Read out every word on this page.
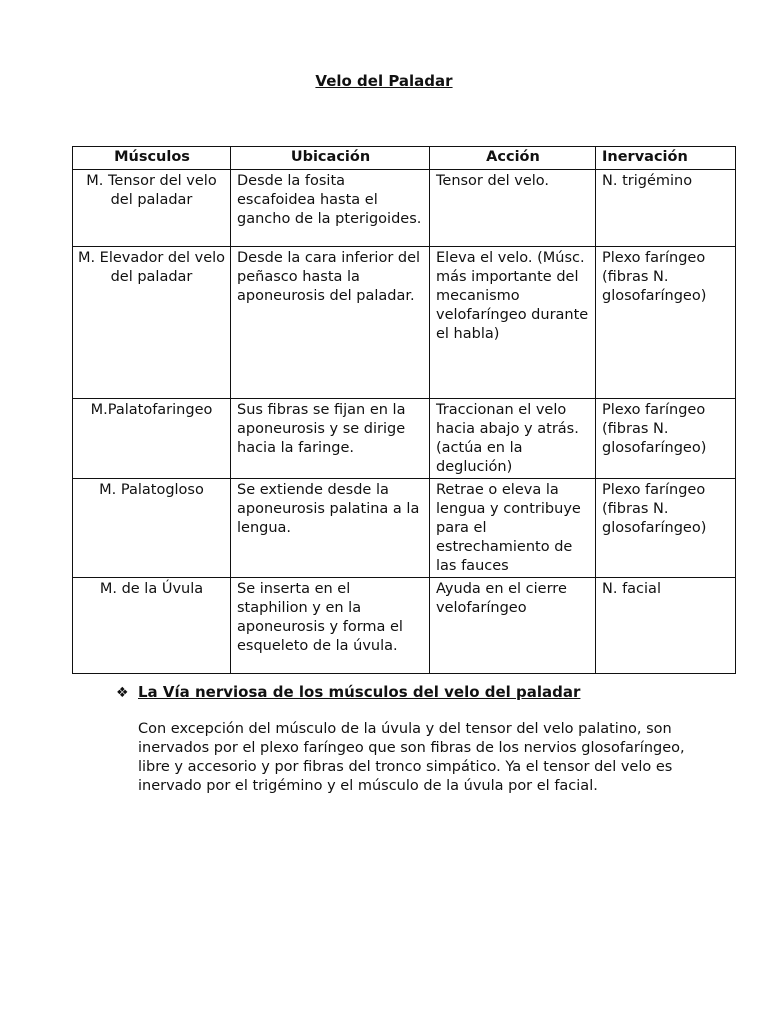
Velo del Paladar
Músculos	Ubicación	Acción	Inervación
M. Tensor del velo del paladar	Desde la fosita escafoidea hasta el gancho de la pterigoides.	Tensor del velo.	N. trigémino
M. Elevador del velo del paladar	Desde la cara inferior del peñasco hasta la aponeurosis del paladar.	Eleva el velo. (Músc. más importante del mecanismo velofaríngeo durante el habla)	Plexo faríngeo (fibras N. glosofaríngeo)
M.Palatofaringeo	Sus fibras se fijan en la aponeurosis y se dirige hacia la faringe.	Traccionan el velo hacia abajo y atrás. (actúa en la deglución)	Plexo faríngeo (fibras N. glosofaríngeo)
M. Palatogloso	Se extiende desde la aponeurosis palatina a la lengua.	Retrae o eleva la lengua y contribuye para el estrechamiento de las fauces	Plexo faríngeo (fibras N. glosofaríngeo)
M. de la Úvula	Se inserta en el staphilion y en la aponeurosis y forma el esqueleto de la úvula.	Ayuda en el cierre velofaríngeo	N. facial
❖ La Vía nerviosa de los músculos del velo del paladar

Con excepción del músculo de la úvula y del tensor del velo palatino, son inervados por el plexo faríngeo que son fibras de los nervios glosofaríngeo, libre y accesorio y por fibras del tronco simpático. Ya el tensor del velo es inervado por el trigémino y el músculo de la úvula por el facial.
